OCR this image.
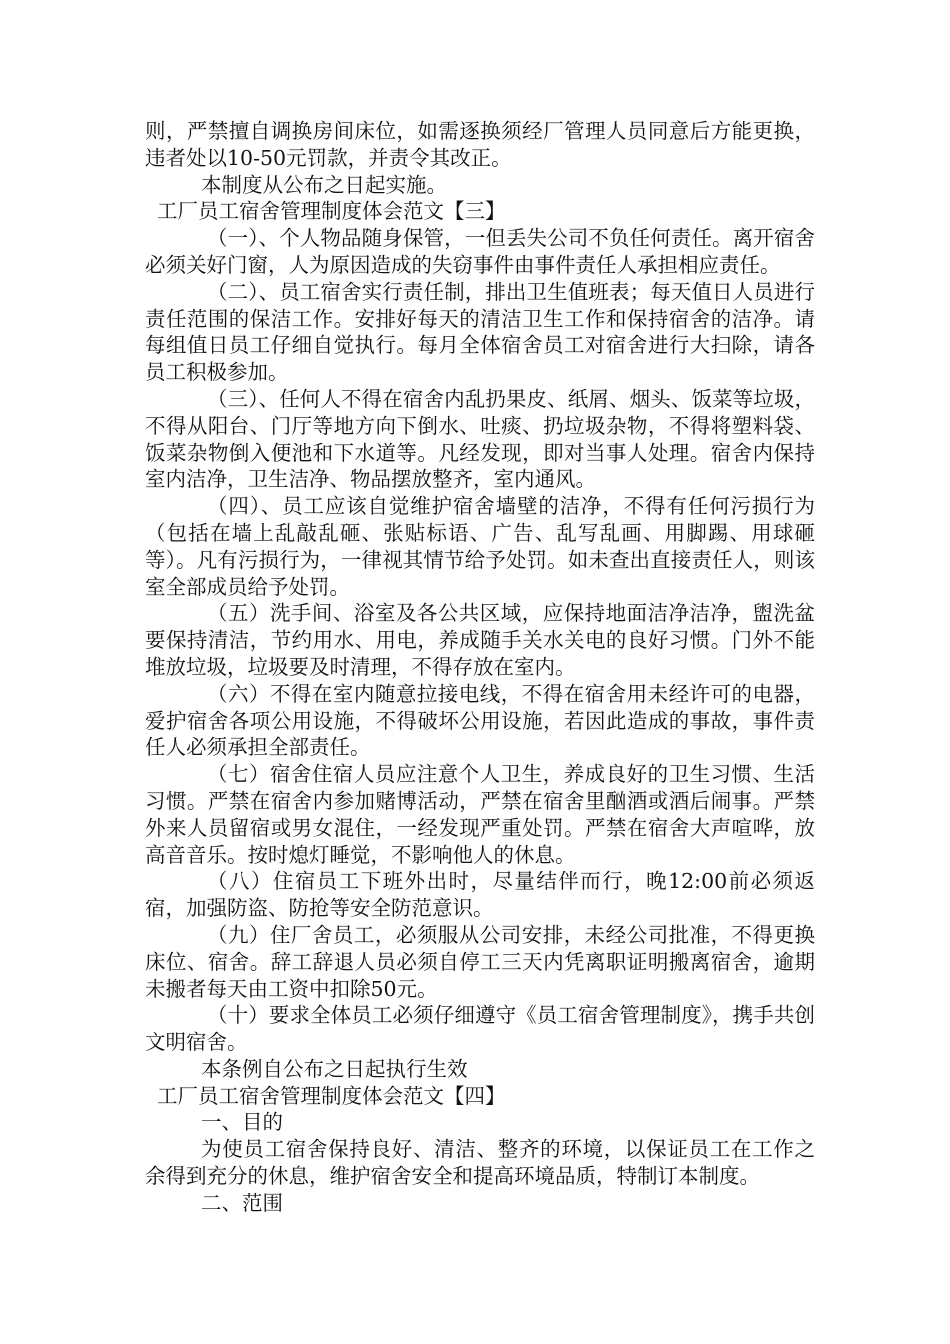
则，严禁擅自调换房间床位，如需逐换须经厂管理人员同意后方能更换，违者处以10-50元罚款，并责令其改正。

本制度从公布之日起实施。

工厂员工宿舍管理制度体会范文【三】

（一）、个人物品随身保管，一但丢失公司不负任何责任。离开宿舍必须关好门窗，人为原因造成的失窃事件由事件责任人承担相应责任。

（二）、员工宿舍实行责任制，排出卫生值班表；每天值日人员进行责任范围的保洁工作。安排好每天的清洁卫生工作和保持宿舍的洁净。请每组值日员工仔细自觉执行。每月全体宿舍员工对宿舍进行大扫除，请各员工积极参加。

（三）、任何人不得在宿舍内乱扔果皮、纸屑、烟头、饭菜等垃圾，不得从阳台、门厅等地方向下倒水、吐痰、扔垃圾杂物，不得将塑料袋、饭菜杂物倒入便池和下水道等。凡经发现，即对当事人处理。宿舍内保持室内洁净，卫生洁净、物品摆放整齐，室内通风。

（四）、员工应该自觉维护宿舍墙壁的洁净，不得有任何污损行为（包括在墙上乱敲乱砸、张贴标语、广告、乱写乱画、用脚踢、用球砸等）。凡有污损行为，一律视其情节给予处罚。如未查出直接责任人，则该室全部成员给予处罚。

（五）洗手间、浴室及各公共区域，应保持地面洁净洁净，盥洗盆要保持清洁，节约用水、用电，养成随手关水关电的良好习惯。门外不能堆放垃圾，垃圾要及时清理，不得存放在室内。

（六）不得在室内随意拉接电线，不得在宿舍用未经许可的电器，爱护宿舍各项公用设施，不得破坏公用设施，若因此造成的事故，事件责任人必须承担全部责任。

（七）宿舍住宿人员应注意个人卫生，养成良好的卫生习惯、生活习惯。严禁在宿舍内参加赌博活动，严禁在宿舍里酗酒或酒后闹事。严禁外来人员留宿或男女混住，一经发现严重处罚。严禁在宿舍大声喧哗，放高音音乐。按时熄灯睡觉，不影响他人的休息。

（八）住宿员工下班外出时，尽量结伴而行，晚12:00前必须返宿，加强防盗、防抢等安全防范意识。

（九）住厂舍员工，必须服从公司安排，未经公司批准，不得更换床位、宿舍。辞工辞退人员必须自停工三天内凭离职证明搬离宿舍，逾期未搬者每天由工资中扣除50元。

（十）要求全体员工必须仔细遵守《员工宿舍管理制度》，携手共创文明宿舍。

本条例自公布之日起执行生效

工厂员工宿舍管理制度体会范文【四】

一、目的

为使员工宿舍保持良好、清洁、整齐的环境，以保证员工在工作之余得到充分的休息，维护宿舍安全和提高环境品质，特制订本制度。

二、范围
